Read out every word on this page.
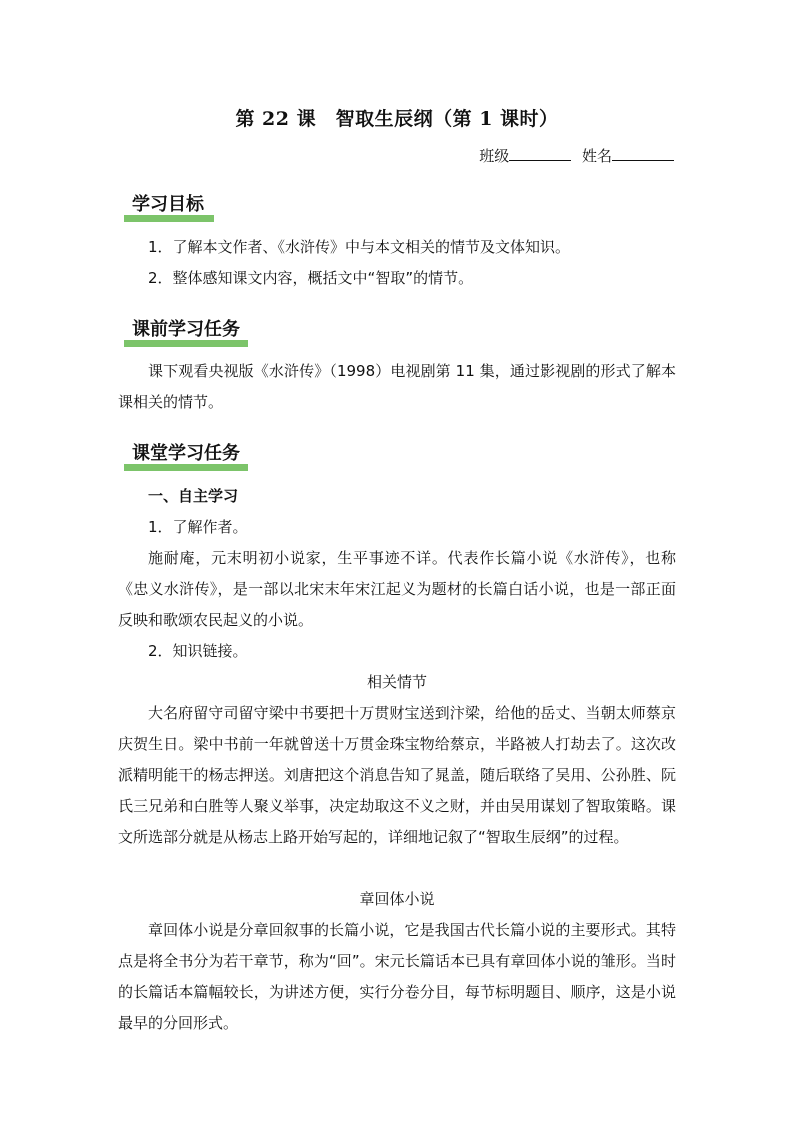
第 22 课　智取生辰纲（第 1 课时）
班级	姓名
学习目标

1．了解本文作者、《水浒传》中与本文相关的情节及文体知识。

2．整体感知课文内容，概括文中“智取”的情节。

课前学习任务

课下观看央视版《水浒传》（1998）电视剧第 11 集，通过影视剧的形式了解本课相关的情节。

课堂学习任务

一、自主学习

1．了解作者。

施耐庵，元末明初小说家，生平事迹不详。代表作长篇小说《水浒传》，也称《忠义水浒传》，是一部以北宋末年宋江起义为题材的长篇白话小说，也是一部正面反映和歌颂农民起义的小说。

2．知识链接。

相关情节

大名府留守司留守梁中书要把十万贯财宝送到汴梁，给他的岳丈、当朝太师蔡京庆贺生日。梁中书前一年就曾送十万贯金珠宝物给蔡京，半路被人打劫去了。这次改派精明能干的杨志押送。刘唐把这个消息告知了晁盖，随后联络了吴用、公孙胜、阮氏三兄弟和白胜等人聚义举事，决定劫取这不义之财，并由吴用谋划了智取策略。课文所选部分就是从杨志上路开始写起的，详细地记叙了“智取生辰纲”的过程。

章回体小说

章回体小说是分章回叙事的长篇小说，它是我国古代长篇小说的主要形式。其特点是将全书分为若干章节，称为“回”。宋元长篇话本已具有章回体小说的雏形。当时的长篇话本篇幅较长，为讲述方便，实行分卷分目，每节标明题目、顺序，这是小说最早的分回形式。
